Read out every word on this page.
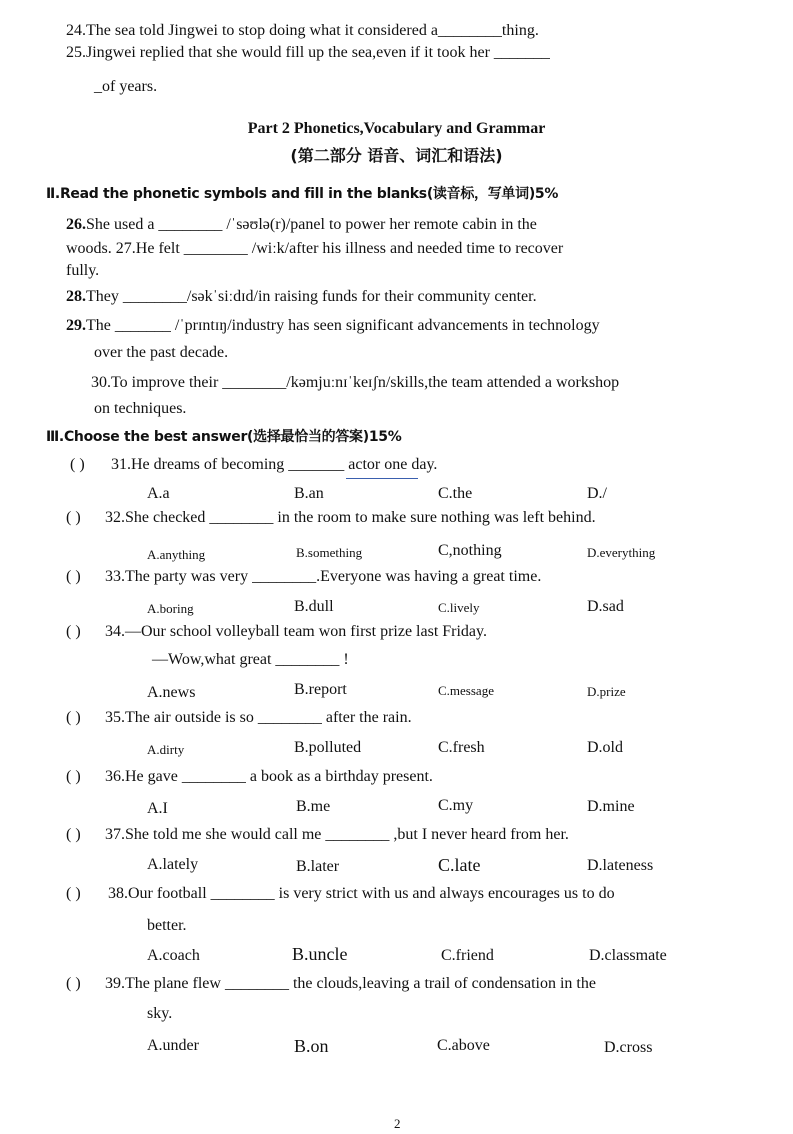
24.The sea told Jingwei to stop doing what it considered a________thing.
25.Jingwei replied that she would fill up the sea,even if it took her _______
_of years.
Part 2 Phonetics,Vocabulary and Grammar
(第二部分 语音、词汇和语法)
Ⅱ.Read the phonetic symbols and fill in the blanks(读音标，写单词)5%
26.She used a ________ /ˈsəʊlə(r)/panel to power her remote cabin in the
woods. 27.He felt ________ /wiːk/after his illness and needed time to recover
fully.
28.They ________/səkˈsiːdɪd/in raising funds for their community center.
29.The _______ /ˈprɪntɪŋ/industry has seen significant advancements in technology
over the past decade.
30.To improve their ________/kəmjuːnɪˈkeɪʃn/skills,the team attended a workshop
on techniques.
Ⅲ.Choose the best answer(选择最恰当的答案)15%
( ) 31.He dreams of becoming _______ actor one day.
A.a	B.an	C.the	D./
( ) 32.She checked ________ in the room to make sure nothing was left behind.
A.anything	B.something	C,nothing	D.everything
( ) 33.The party was very ________.Everyone was having a great time.
A.boring	B.dull	C.lively	D.sad
( ) 34.—Our school volleyball team won first prize last Friday.
—Wow,what great ________ !
A.news	B.report	C.message	D.prize
( ) 35.The air outside is so ________ after the rain.
A.dirty	B.polluted	C.fresh	D.old
( ) 36.He gave ________ a book as a birthday present.
A.I	B.me	C.my	D.mine
( ) 37.She told me she would call me ________ ,but I never heard from her.
A.lately	B.later	C.late	D.lateness
( ) 38.Our football ________ is very strict with us and always encourages us to do
better.
A.coach	B.uncle	C.friend	D.classmate
( ) 39.The plane flew ________ the clouds,leaving a trail of condensation in the
sky.
A.under	B.on	C.above	D.cross
2
